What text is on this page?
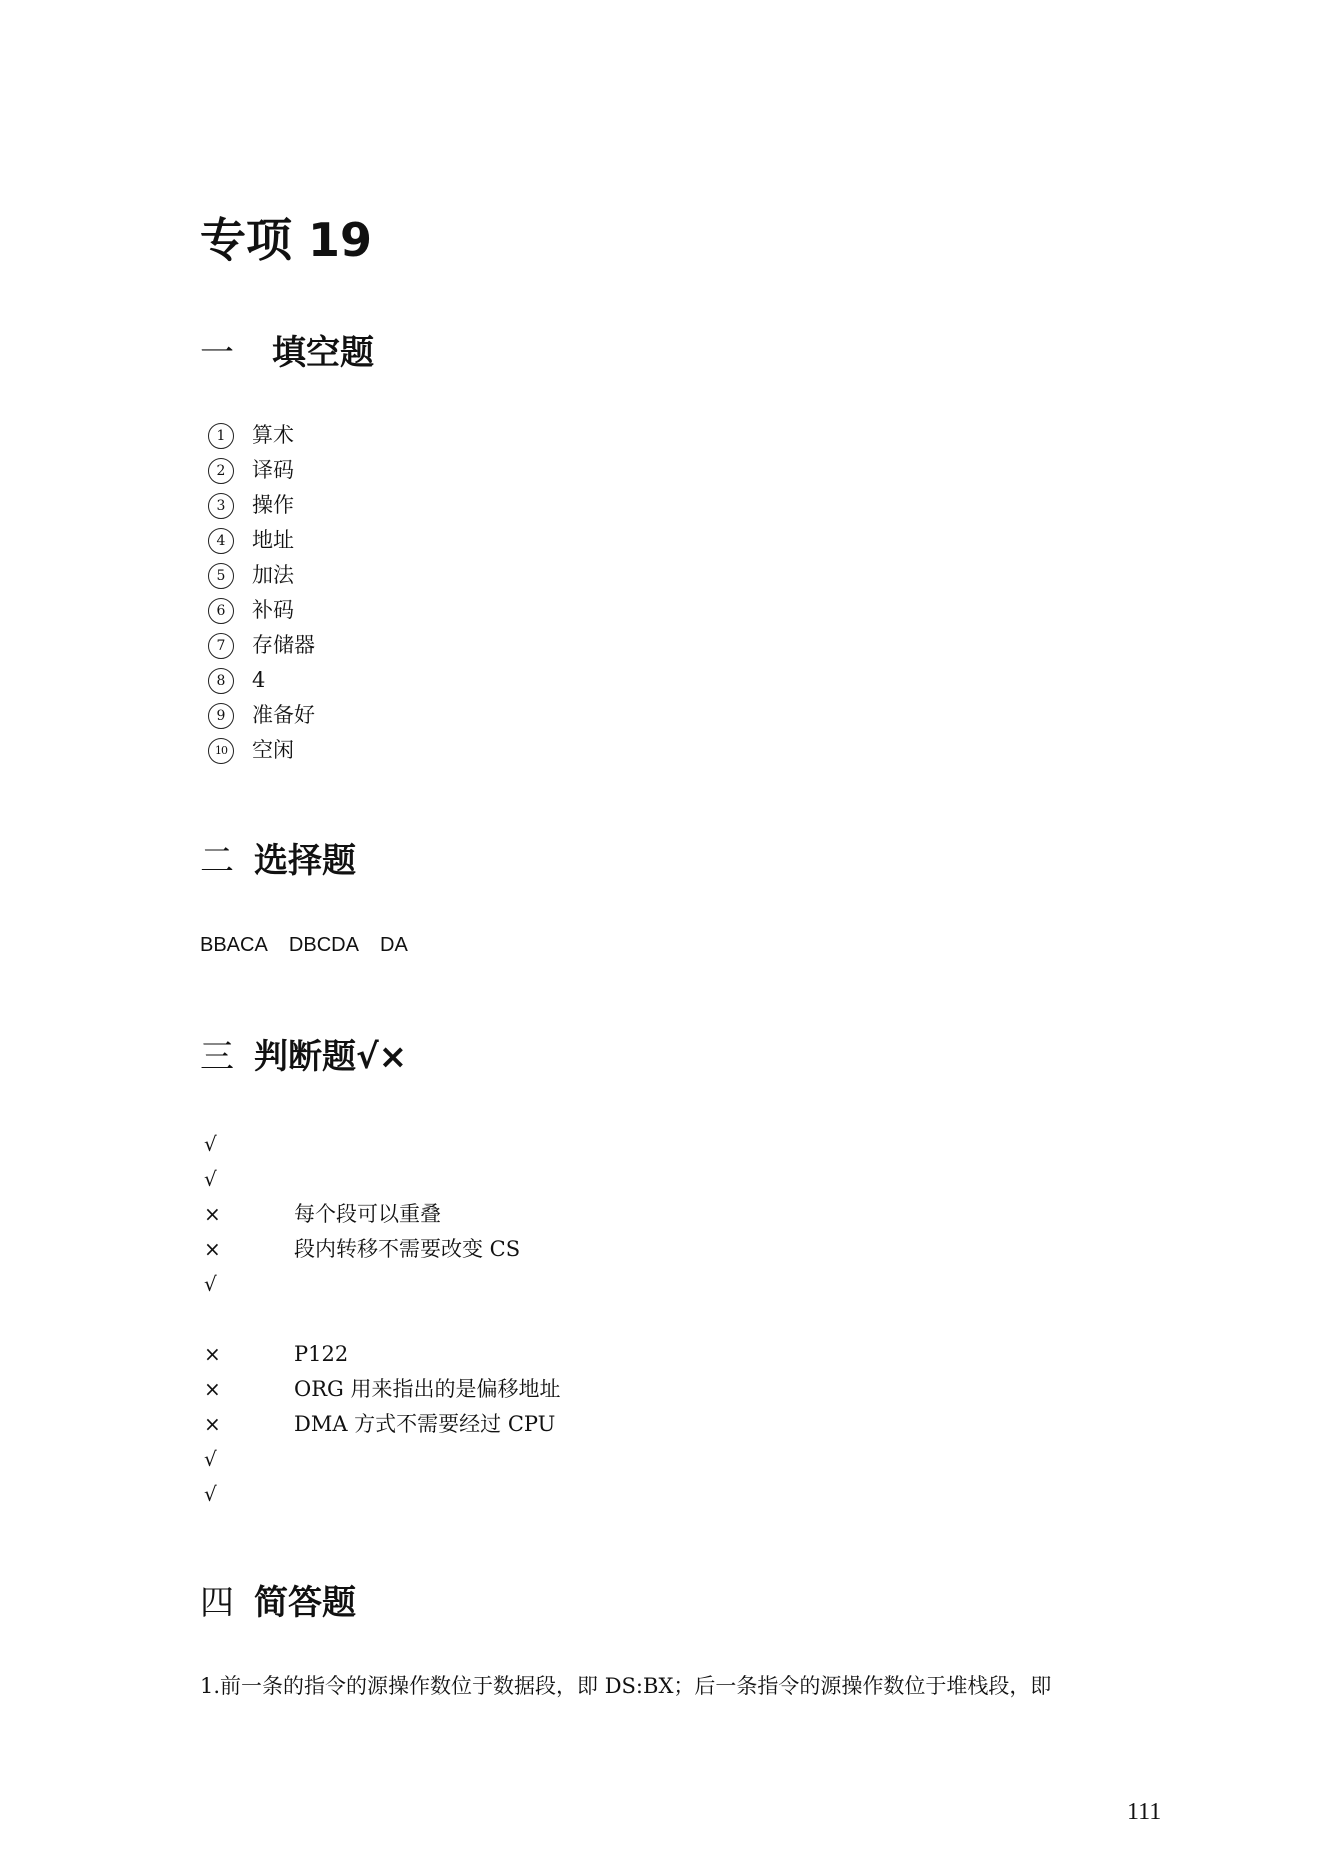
专项 19
一 填空题
1	算术
2	译码
3	操作
4	地址
5	加法
6	补码
7	存储器
8	4
9	准备好
10	空闲
二 选择题
BBACA    DBCDA    DA
三 判断题√×
√
√
×	每个段可以重叠
×	段内转移不需要改变 CS
√
×	P122
×	ORG 用来指出的是偏移地址
×	DMA 方式不需要经过 CPU
√
√
四 简答题
1.前一条的指令的源操作数位于数据段，即 DS:BX；后一条指令的源操作数位于堆栈段，即
111
